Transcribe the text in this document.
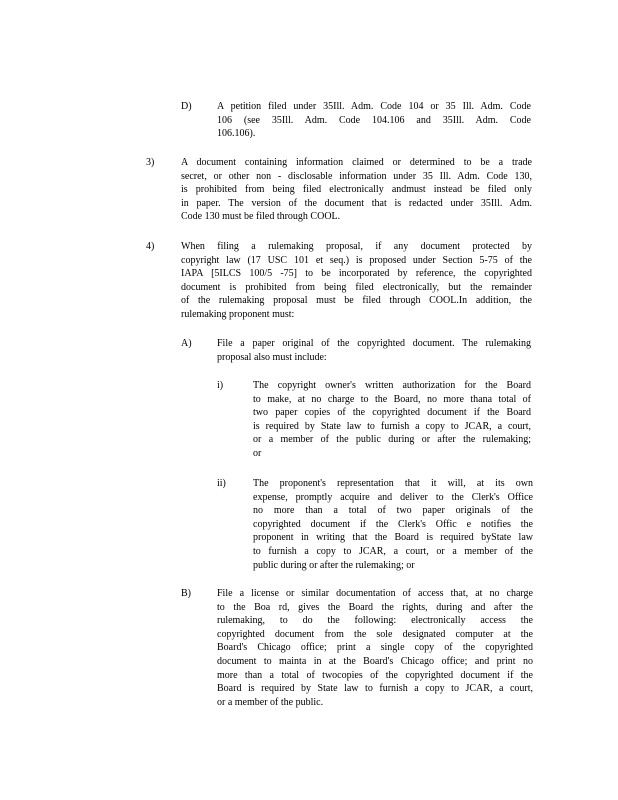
D)	A petition filed under 35Ill. Adm. Code 104 or 35 Ill. Adm. Code
106 (see 35Ill. Adm. Code 104.106 and 35Ill. Adm. Code
106.106).
3)	A document containing information claimed or determined to be a trade
secret, or other non - disclosable information under 35 Ill. Adm. Code 130,
is prohibited from being filed electronically andmust instead be filed only
in paper. The version of the document that is redacted under 35Ill. Adm.
Code 130 must be filed through COOL.
4)	When filing a rulemaking proposal, if any document protected by
copyright law (17 USC 101 et seq.) is proposed under Section 5-75 of the
IAPA [5ILCS 100/5 -75] to be incorporated by reference, the copyrighted
document is prohibited from being filed electronically, but the remainder
of the rulemaking proposal must be filed through COOL.In addition, the
rulemaking proponent must:
A)	File a paper original of the copyrighted document. The rulemaking
proposal also must include:
i)	The copyright owner's written authorization for the Board
to make, at no charge to the Board, no more thana total of
two paper copies of the copyrighted document if the Board
is required by State law to furnish a copy to JCAR, a court,
or a member of the public during or after the rulemaking;
or
ii)	The proponent's representation that it will, at its own
expense, promptly acquire and deliver to the Clerk's Office
no more than a total of two paper originals of the
copyrighted document if the Clerk's Offic e notifies the
proponent in writing that the Board is required byState law
to furnish a copy to JCAR, a court, or a member of the
public during or after the rulemaking; or
B)	File a license or similar documentation of access that, at no charge
to the Boa rd, gives the Board the rights, during and after the
rulemaking, to do the following: electronically access the
copyrighted document from the sole designated computer at the
Board's Chicago office; print a single copy of the copyrighted
document to mainta in at the Board's Chicago office; and print no
more than a total of twocopies of the copyrighted document if the
Board is required by State law to furnish a copy to JCAR, a court,
or a member of the public.
